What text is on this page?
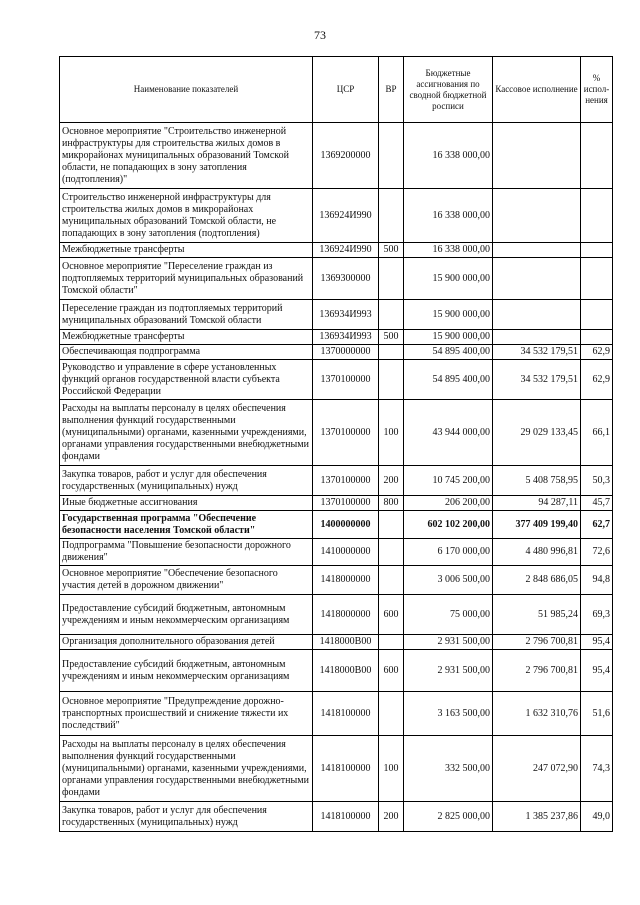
73
Наименование показателей	ЦСР	ВР	Бюджетные ассигнования по сводной бюджетной росписи	Кассовое исполнение	% испол-нения
Основное мероприятие "Строительство инженерной инфраструктуры для строительства жилых домов в микрорайонах муниципальных образований Томской области, не попадающих в зону затопления (подтопления)"	1369200000		16 338 000,00		
Строительство инженерной инфраструктуры для строительства жилых домов в микрорайонах муниципальных образований Томской области, не попадающих в зону затопления (подтопления)	136924И990		16 338 000,00		
Межбюджетные трансферты	136924И990	500	16 338 000,00		
Основное мероприятие "Переселение граждан из подтопляемых территорий муниципальных образований Томской области"	1369300000		15 900 000,00		
Переселение граждан из подтопляемых территорий муниципальных образований Томской области	136934И993		15 900 000,00		
Межбюджетные трансферты	136934И993	500	15 900 000,00		
Обеспечивающая подпрограмма	1370000000		54 895 400,00	34 532 179,51	62,9
Руководство и управление в сфере установленных функций органов государственной власти субъекта Российской Федерации	1370100000		54 895 400,00	34 532 179,51	62,9
Расходы на выплаты персоналу в целях обеспечения выполнения функций государственными (муниципальными) органами, казенными учреждениями, органами управления государственными внебюджетными фондами	1370100000	100	43 944 000,00	29 029 133,45	66,1
Закупка товаров, работ и услуг для обеспечения государственных (муниципальных) нужд	1370100000	200	10 745 200,00	5 408 758,95	50,3
Иные бюджетные ассигнования	1370100000	800	206 200,00	94 287,11	45,7
Государственная программа "Обеспечение безопасности населения Томской области"	1400000000		602 102 200,00	377 409 199,40	62,7
Подпрограмма "Повышение безопасности дорожного движения"	1410000000		6 170 000,00	4 480 996,81	72,6
Основное мероприятие "Обеспечение безопасного участия детей в дорожном движении"	1418000000		3 006 500,00	2 848 686,05	94,8
Предоставление субсидий бюджетным, автономным учреждениям и иным некоммерческим организациям	1418000000	600	75 000,00	51 985,24	69,3
Организация дополнительного образования детей	1418000В00		2 931 500,00	2 796 700,81	95,4
Предоставление субсидий бюджетным, автономным учреждениям и иным некоммерческим организациям	1418000В00	600	2 931 500,00	2 796 700,81	95,4
Основное мероприятие "Предупреждение дорожно-транспортных происшествий и снижение тяжести их последствий"	1418100000		3 163 500,00	1 632 310,76	51,6
Расходы на выплаты персоналу в целях обеспечения выполнения функций государственными (муниципальными) органами, казенными учреждениями, органами управления государственными внебюджетными фондами	1418100000	100	332 500,00	247 072,90	74,3
Закупка товаров, работ и услуг для обеспечения государственных (муниципальных) нужд	1418100000	200	2 825 000,00	1 385 237,86	49,0
